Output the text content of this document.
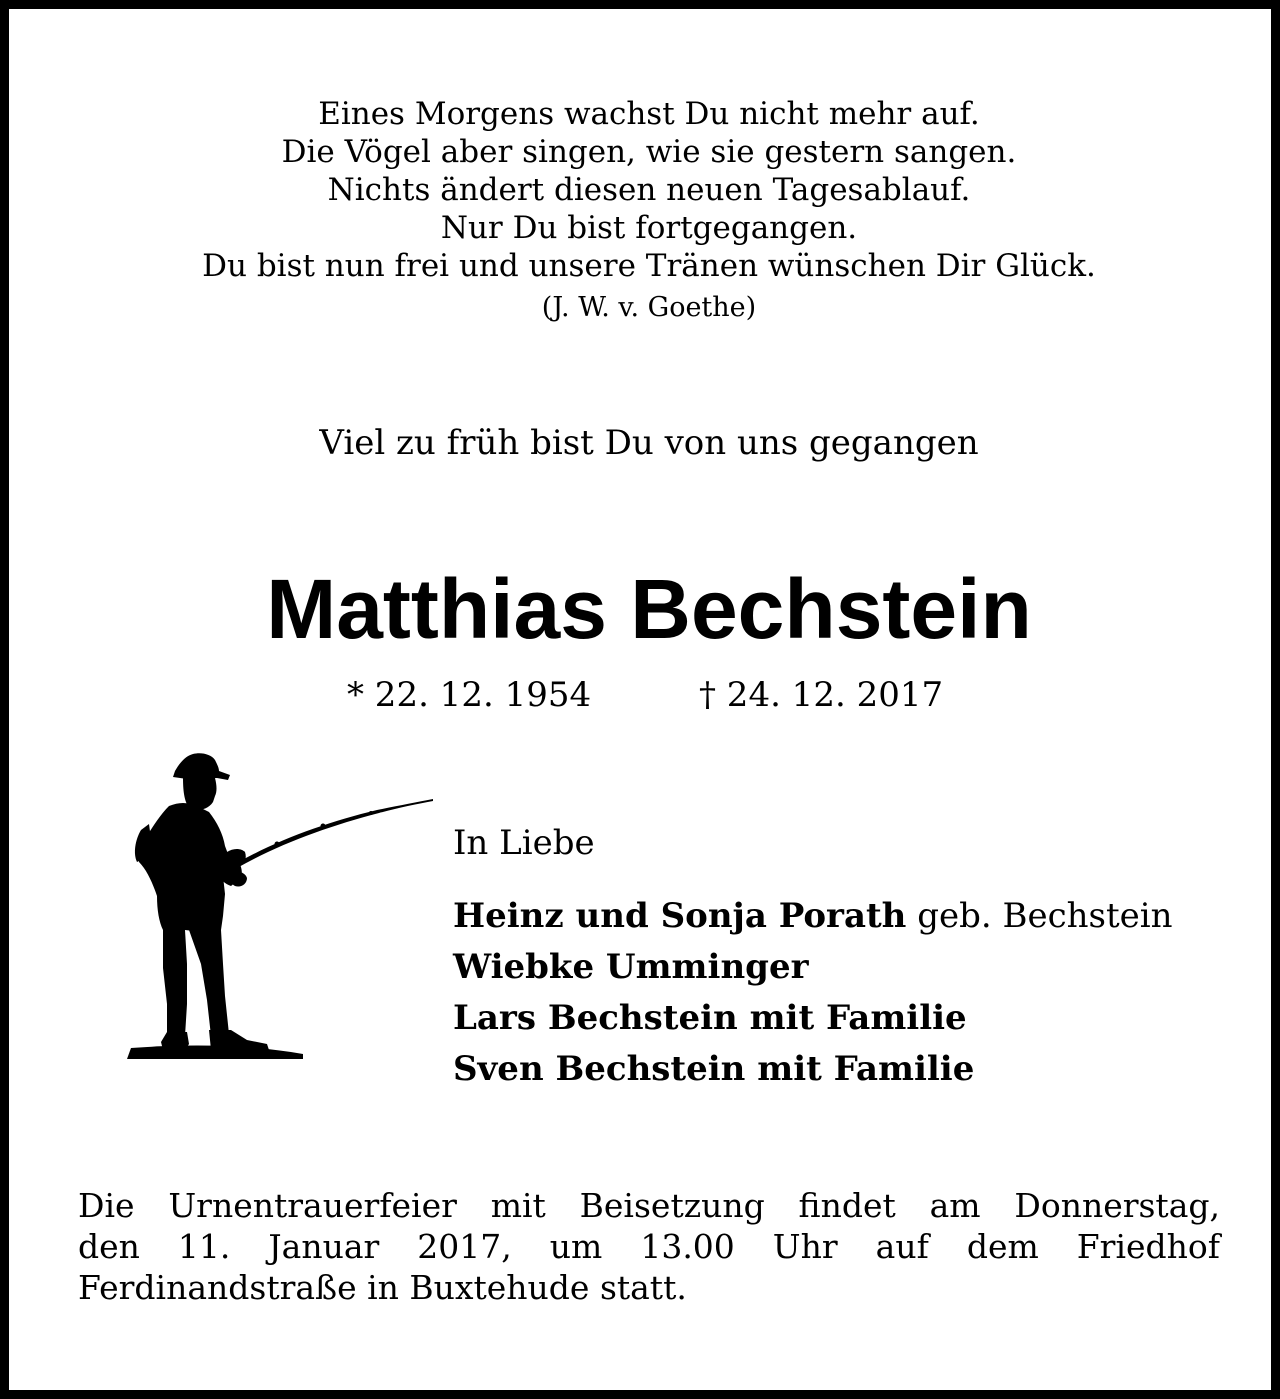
Eines Morgens wachst Du nicht mehr auf.
Die Vögel aber singen, wie sie gestern sangen.
Nichts ändert diesen neuen Tagesablauf.
Nur Du bist fortgegangen.
Du bist nun frei und unsere Tränen wünschen Dir Glück.
(J. W. v. Goethe)
Viel zu früh bist Du von uns gegangen
Matthias Bechstein
* 22. 12. 1954	† 24. 12. 2017
In Liebe
Heinz und Sonja Porath geb. Bechstein
Wiebke Umminger
Lars Bechstein mit Familie
Sven Bechstein mit Familie
Die Urnentrauerfeier mit Beisetzung findet am Donnerstag,
den 11. Januar 2017, um 13.00 Uhr auf dem Friedhof
Ferdinandstraße in Buxtehude statt.
